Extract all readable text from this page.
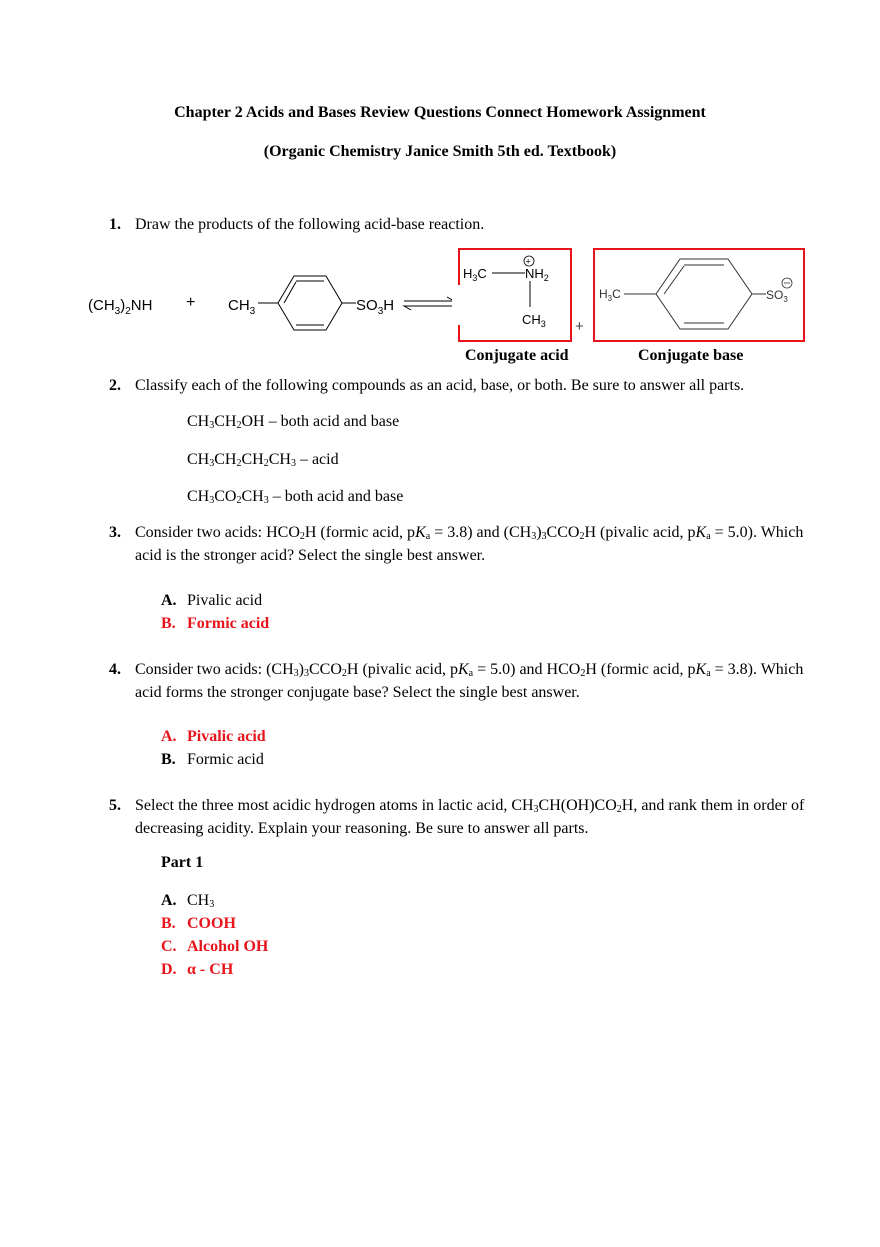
Chapter 2 Acids and Bases Review Questions Connect Homework Assignment
(Organic Chemistry Janice Smith 5th ed. Textbook)
1. Draw the products of the following acid-base reaction.
$(CH_3)_2NH + CH_3$	$SO_3H$
$H_3C$	$NH_2$
+
$CH_3$ +
$H_3C$	$SO_3$
Conjugate acid	Conjugate base
2. Classify each of the following compounds as an acid, base, or both. Be sure to answer all parts.
$CH_3CH_2OH$ – both acid and base
$CH_3CH_2CH_2CH_3$ – acid
$CH_3CO_2CH_3$ – both acid and base
3. Consider two acids: $HCO_2H$ (formic acid, $pK_a = 3.8$) and $(CH_3)_3CCO_2H$ (pivalic acid, $pK_a = 5.0$). Which acid is the stronger acid? Select the single best answer.
A. Pivalic acid
B. Formic acid
4. Consider two acids: $(CH_3)_3CCO_2H$ (pivalic acid, $pK_a = 5.0$) and $HCO_2H$ (formic acid, $pK_a = 3.8$). Which acid forms the stronger conjugate base? Select the single best answer.
A. Pivalic acid
B. Formic acid
5. Select the three most acidic hydrogen atoms in lactic acid, $CH_3CH(OH)CO_2H$, and rank them in order of decreasing acidity. Explain your reasoning. Be sure to answer all parts.
Part 1
A. $CH_3$
B. COOH
C. Alcohol OH
D. α - CH
